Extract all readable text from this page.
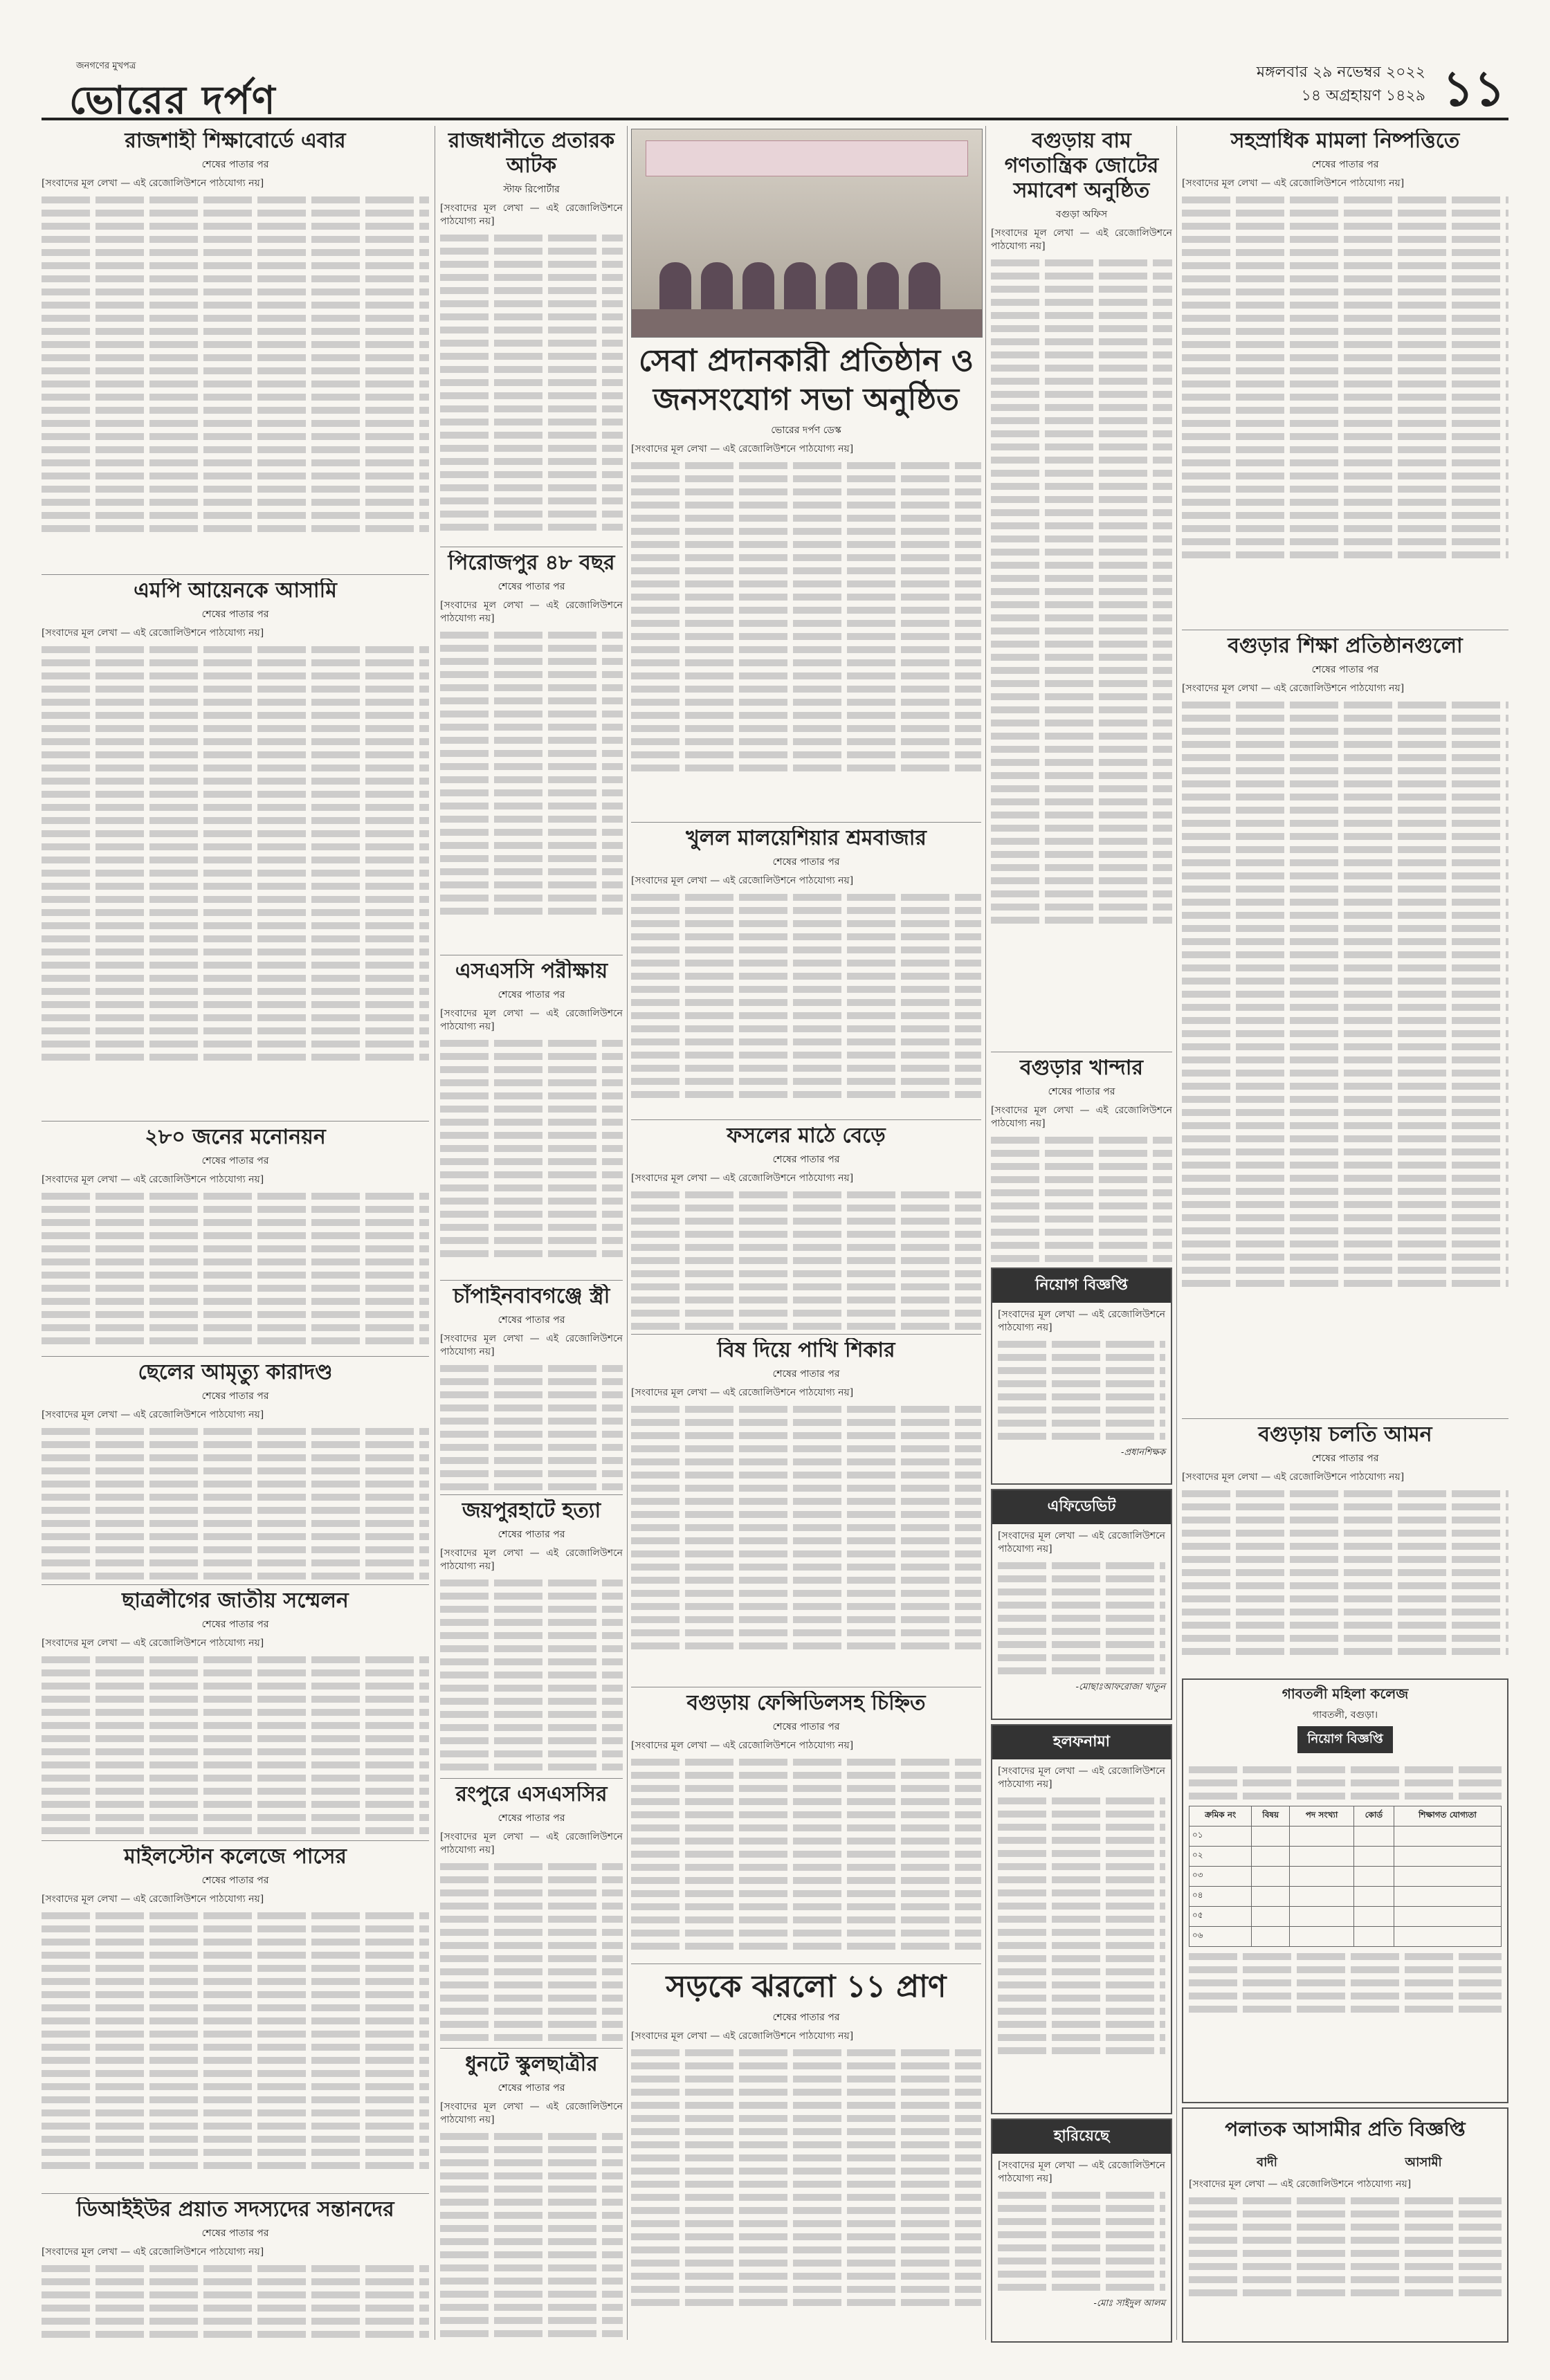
জনগণের মুখপত্র
ভোরের দর্পণ
মঙ্গলবার ২৯ নভেম্বর ২০২২
১৪ অগ্রহায়ণ ১৪২৯ ১১
রাজশাহী শিক্ষাবোর্ডে এবার
শেষের পাতার পর
[সংবাদের মূল লেখা — এই রেজোলিউশনে পাঠযোগ্য নয়]
এমপি আয়েনকে আসামি
শেষের পাতার পর
[সংবাদের মূল লেখা — এই রেজোলিউশনে পাঠযোগ্য নয়]
২৮০ জনের মনোনয়ন
শেষের পাতার পর
[সংবাদের মূল লেখা — এই রেজোলিউশনে পাঠযোগ্য নয়]
ছেলের আমৃত্যু কারাদণ্ড
শেষের পাতার পর
[সংবাদের মূল লেখা — এই রেজোলিউশনে পাঠযোগ্য নয়]
ছাত্রলীগের জাতীয় সম্মেলন
শেষের পাতার পর
[সংবাদের মূল লেখা — এই রেজোলিউশনে পাঠযোগ্য নয়]
মাইলস্টোন কলেজে পাসের
শেষের পাতার পর
[সংবাদের মূল লেখা — এই রেজোলিউশনে পাঠযোগ্য নয়]
ডিআইইউর প্রয়াত সদস্যদের সন্তানদের
শেষের পাতার পর
[সংবাদের মূল লেখা — এই রেজোলিউশনে পাঠযোগ্য নয়]
রাজধানীতে প্রতারক আটক
স্টাফ রিপোর্টার
[সংবাদের মূল লেখা — এই রেজোলিউশনে পাঠযোগ্য নয়]
পিরোজপুর ৪৮ বছর
শেষের পাতার পর
[সংবাদের মূল লেখা — এই রেজোলিউশনে পাঠযোগ্য নয়]
এসএসসি পরীক্ষায়
শেষের পাতার পর
[সংবাদের মূল লেখা — এই রেজোলিউশনে পাঠযোগ্য নয়]
চাঁপাইনবাবগঞ্জে স্ত্রী
শেষের পাতার পর
[সংবাদের মূল লেখা — এই রেজোলিউশনে পাঠযোগ্য নয়]
জয়পুরহাটে হত্যা
শেষের পাতার পর
[সংবাদের মূল লেখা — এই রেজোলিউশনে পাঠযোগ্য নয়]
রংপুরে এসএসসির
শেষের পাতার পর
[সংবাদের মূল লেখা — এই রেজোলিউশনে পাঠযোগ্য নয়]
ধুনটে স্কুলছাত্রীর
শেষের পাতার পর
[সংবাদের মূল লেখা — এই রেজোলিউশনে পাঠযোগ্য নয়]
সেবা প্রদানকারী প্রতিষ্ঠান ও জনসংযোগ সভা অনুষ্ঠিত
ভোরের দর্পণ ডেস্ক
[সংবাদের মূল লেখা — এই রেজোলিউশনে পাঠযোগ্য নয়]
খুলল মালয়েশিয়ার শ্রমবাজার
শেষের পাতার পর
[সংবাদের মূল লেখা — এই রেজোলিউশনে পাঠযোগ্য নয়]
ফসলের মাঠে বেড়ে
শেষের পাতার পর
[সংবাদের মূল লেখা — এই রেজোলিউশনে পাঠযোগ্য নয়]
বিষ দিয়ে পাখি শিকার
শেষের পাতার পর
[সংবাদের মূল লেখা — এই রেজোলিউশনে পাঠযোগ্য নয়]
বগুড়ায় ফেন্সিডিলসহ চিহ্নিত
শেষের পাতার পর
[সংবাদের মূল লেখা — এই রেজোলিউশনে পাঠযোগ্য নয়]
সড়কে ঝরলো ১১ প্রাণ
শেষের পাতার পর
[সংবাদের মূল লেখা — এই রেজোলিউশনে পাঠযোগ্য নয়]
বগুড়ায় বাম গণতান্ত্রিক জোটের সমাবেশ অনুষ্ঠিত
বগুড়া অফিস
[সংবাদের মূল লেখা — এই রেজোলিউশনে পাঠযোগ্য নয়]
বগুড়ার খান্দার
শেষের পাতার পর
[সংবাদের মূল লেখা — এই রেজোলিউশনে পাঠযোগ্য নয়]
নিয়োগ বিজ্ঞপ্তি
[সংবাদের মূল লেখা — এই রেজোলিউশনে পাঠযোগ্য নয়]
-প্রধানশিক্ষক
এফিডেভিট
[সংবাদের মূল লেখা — এই রেজোলিউশনে পাঠযোগ্য নয়]
-মোছাঃআফরোজা খাতুন
হলফনামা
[সংবাদের মূল লেখা — এই রেজোলিউশনে পাঠযোগ্য নয়]
হারিয়েছে
[সংবাদের মূল লেখা — এই রেজোলিউশনে পাঠযোগ্য নয়]
-মোঃ সাইদুল আলম
সহস্রাধিক মামলা নিষ্পত্তিতে
শেষের পাতার পর
[সংবাদের মূল লেখা — এই রেজোলিউশনে পাঠযোগ্য নয়]
বগুড়ার শিক্ষা প্রতিষ্ঠানগুলো
শেষের পাতার পর
[সংবাদের মূল লেখা — এই রেজোলিউশনে পাঠযোগ্য নয়]
বগুড়ায় চলতি আমন
শেষের পাতার পর
[সংবাদের মূল লেখা — এই রেজোলিউশনে পাঠযোগ্য নয়]
গাবতলী মহিলা কলেজ
গাবতলী, বগুড়া।
নিয়োগ বিজ্ঞপ্তি
ক্রমিক নং	বিষয়	পদ সংখ্যা	কোর্ড	শিক্ষাগত যোগ্যতা
০১				
০২				
০৩				
০৪				
০৫				
০৬				
পলাতক আসামীর প্রতি বিজ্ঞপ্তি
বাদী	আসামী
[সংবাদের মূল লেখা — এই রেজোলিউশনে পাঠযোগ্য নয়]
